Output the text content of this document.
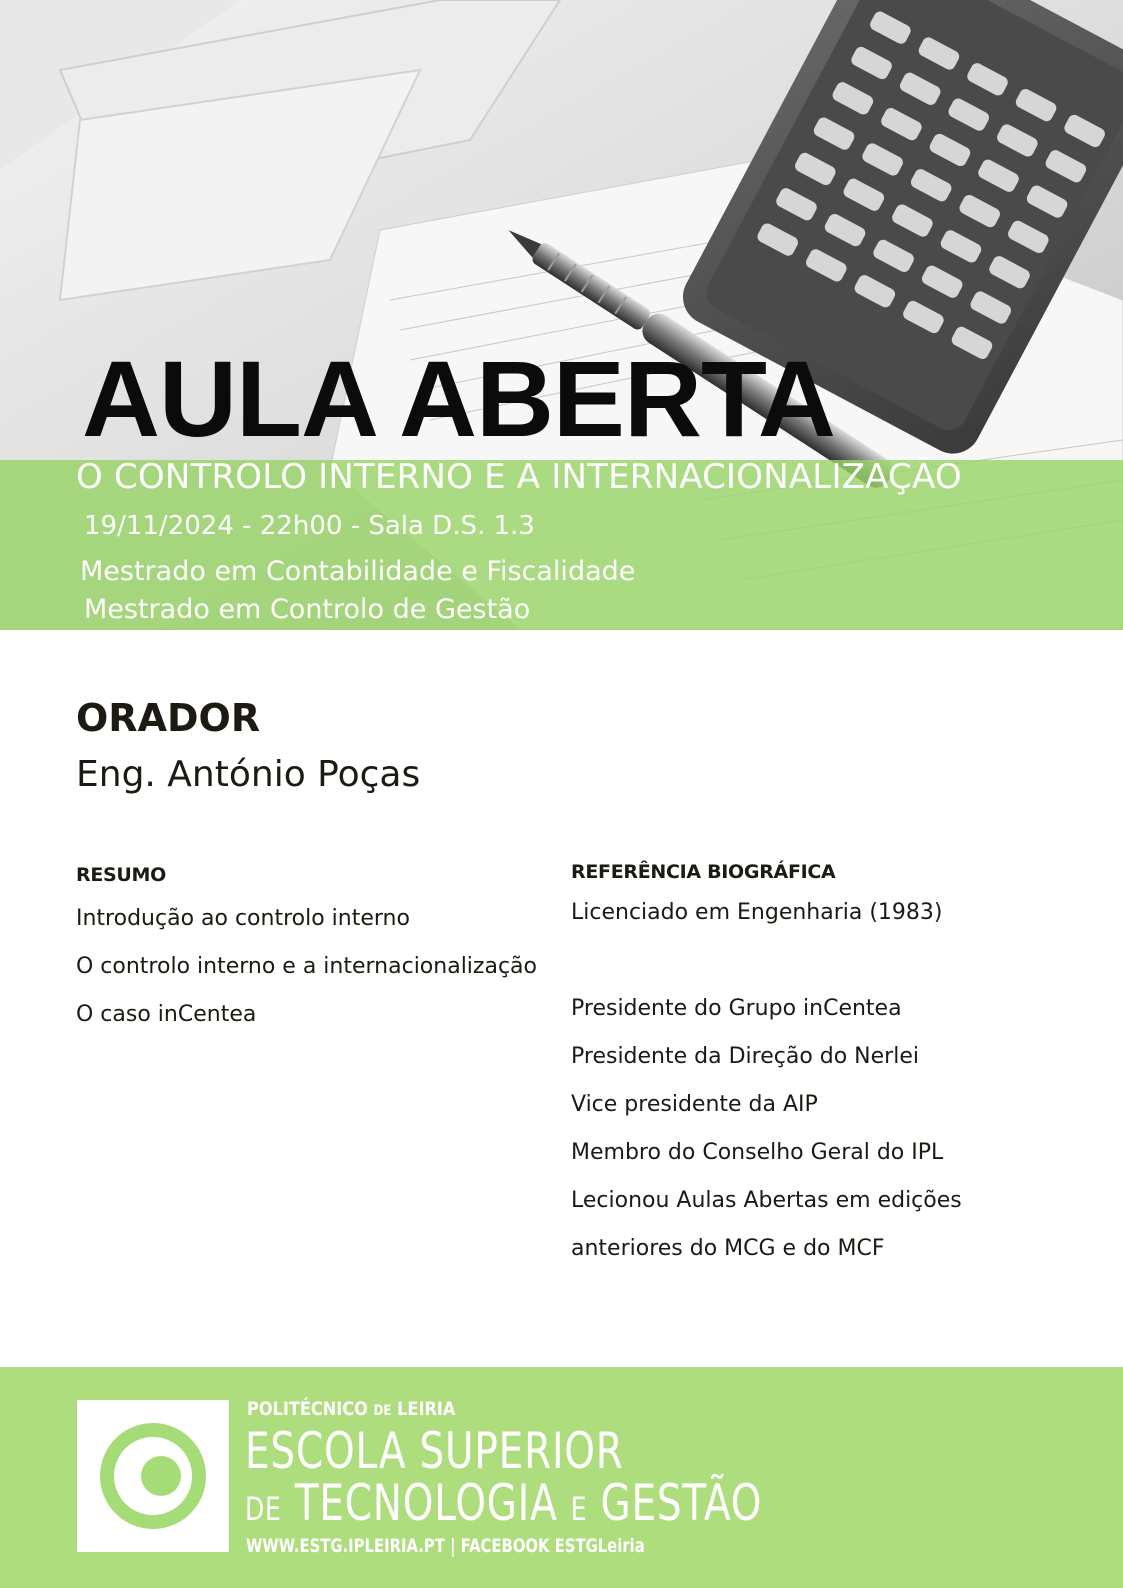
AULA ABERTA
O CONTROLO INTERNO E A INTERNACIONALIZAÇÃO
19/11/2024 - 22h00 - Sala D.S. 1.3
Mestrado em Contabilidade e Fiscalidade
Mestrado em Controlo de Gestão
ORADOR
Eng. António Poças
RESUMO

Introdução ao controlo interno

O controlo interno e a internacionalização

O caso inCentea

REFERÊNCIA BIOGRÁFICA

Licenciado em Engenharia (1983)

Presidente do Grupo inCentea

Presidente da Direção do Nerlei

Vice presidente da AIP

Membro do Conselho Geral do IPL

Lecionou Aulas Abertas em edições

anteriores do MCG e do MCF

POLITÉCNICO DE LEIRIA
ESCOLA SUPERIOR
DE TECNOLOGIA E GESTÃO
WWW.ESTG.IPLEIRIA.PT | FACEBOOK ESTGLeiria
